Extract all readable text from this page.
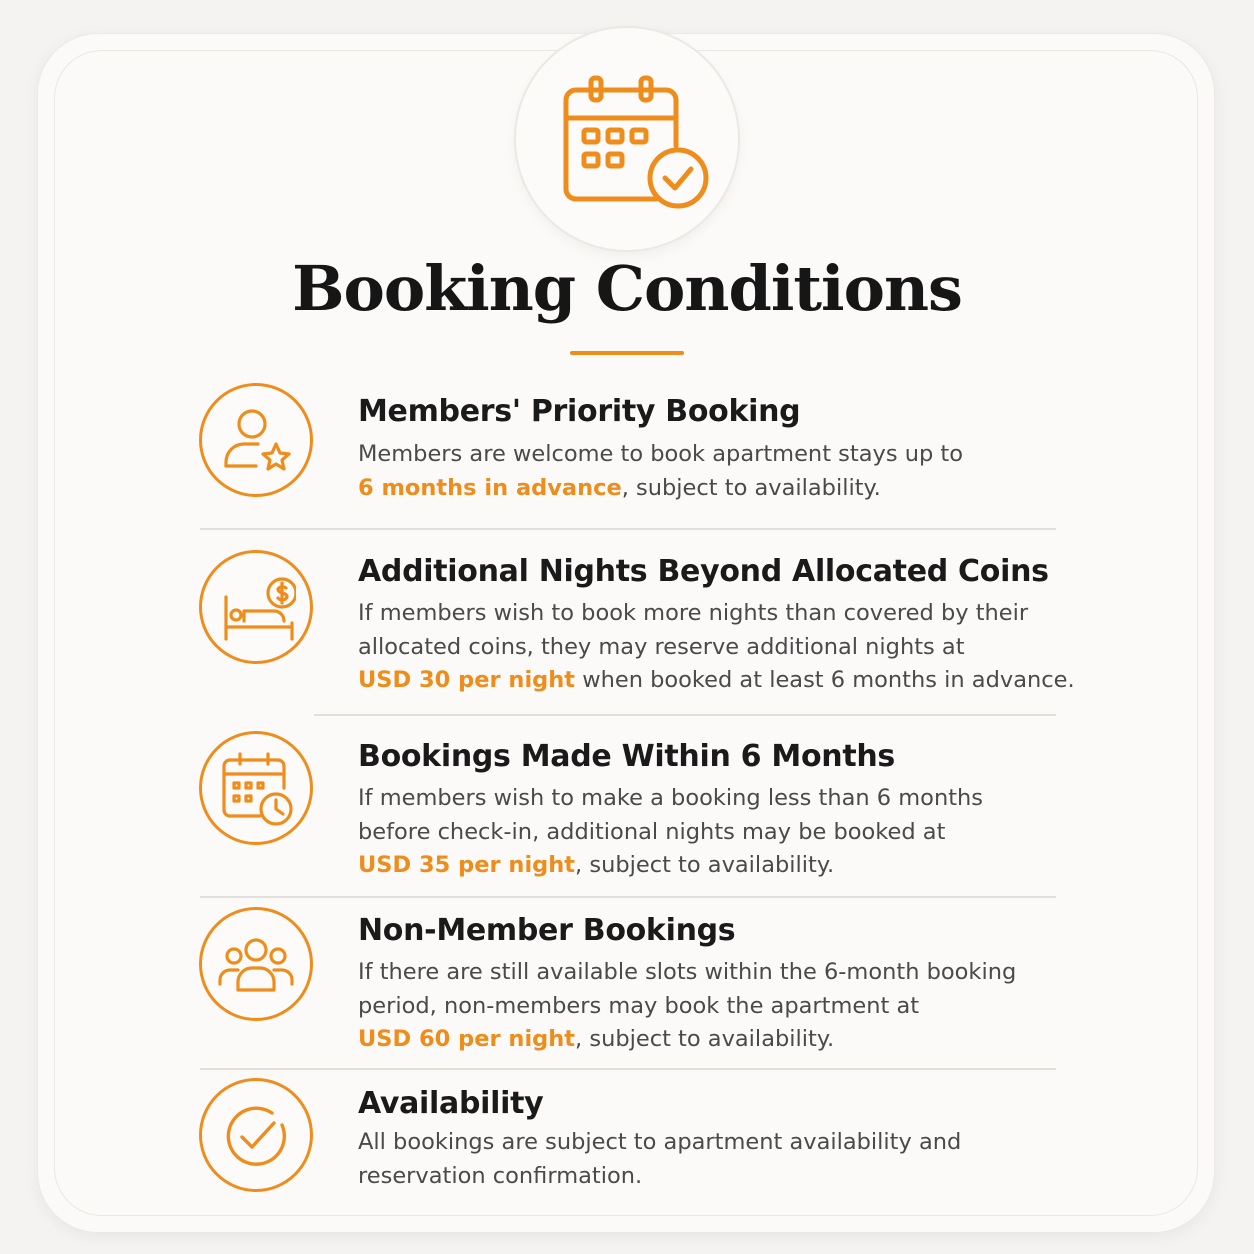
Booking Conditions
Members' Priority Booking

Members are welcome to book apartment stays up to
6 months in advance, subject to availability.

Additional Nights Beyond Allocated Coins

If members wish to book more nights than covered by their
allocated coins, they may reserve additional nights at
USD 30 per night when booked at least 6 months in advance.

Bookings Made Within 6 Months

If members wish to make a booking less than 6 months
before check-in, additional nights may be booked at
USD 35 per night, subject to availability.

Non-Member Bookings

If there are still available slots within the 6-month booking
period, non-members may book the apartment at
USD 60 per night, subject to availability.

Availability

All bookings are subject to apartment availability and
reservation confirmation.
